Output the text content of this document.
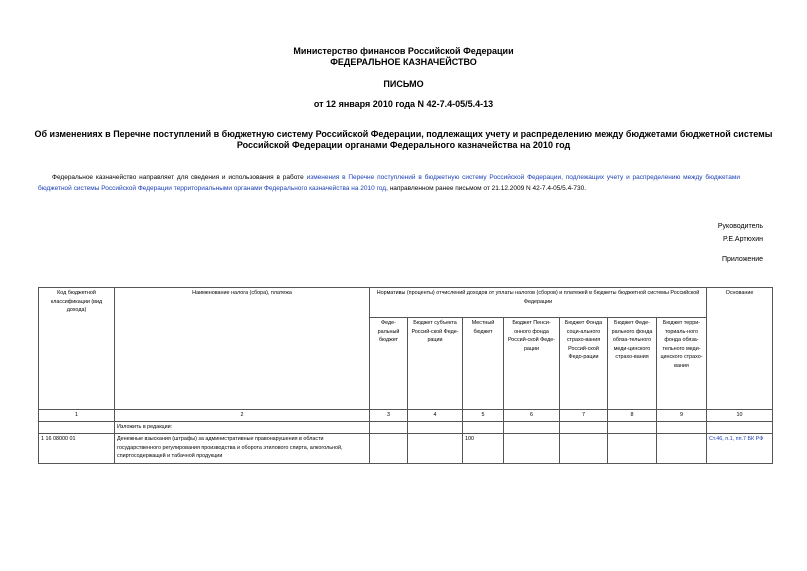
Министерство финансов Российской Федерации
ФЕДЕРАЛЬНОЕ КАЗНАЧЕЙСТВО
ПИСЬМО
от 12 января 2010 года N 42-7.4-05/5.4-13
Об изменениях в Перечне поступлений в бюджетную систему Российской Федерации, подлежащих учету и распределению между бюджетами бюджетной системы Российской Федерации органами Федерального казначейства на 2010 год
Федеральное казначейство направляет для сведения и использования в работе изменения в Перечне поступлений в бюджетную систему Российской Федерации, подлежащих учету и распределению между бюджетами бюджетной системы Российской Федерации территориальными органами Федерального казначейства на 2010 год, направленном ранее письмом от 21.12.2009 N 42-7.4-05/5.4-730.
Руководитель
Р.Е.Артюхин
Приложение
Код бюджетной классификации (вид дохода)	Наименование налога (сбора), платежа	Нормативы (проценты) отчислений доходов от уплаты налогов (сборов) и платежей в бюджеты бюджетной системы Российской Федерации							Основание
		Феде-ральный бюджет	Бюджет субъекта Россий-ской Феде-рации	Местный бюджет	Бюджет Пенси-онного фонда Россий-ской Феде-рации	Бюджет Фонда соци-ального страхо-вания Россий-ской Федо-рации	Бюджет Феде-рального фонда обяза-тельного меди-цинского страхо-вания	Бюджет терри-ториаль-ного фонда обяза-тельного меди-цинского страхо-вания	
1	2	3	4	5	6	7	8	9	10
	Изложить в редакции:								
1 16 08000 01	Денежные взыскания (штрафы) за административные правонарушения в области государственного регулирования производства и оборота этилового спирта, алкогольной, спиртосодержащей и табачной продукции			100					Ст.46, п.1, пп.7 БК РФ
